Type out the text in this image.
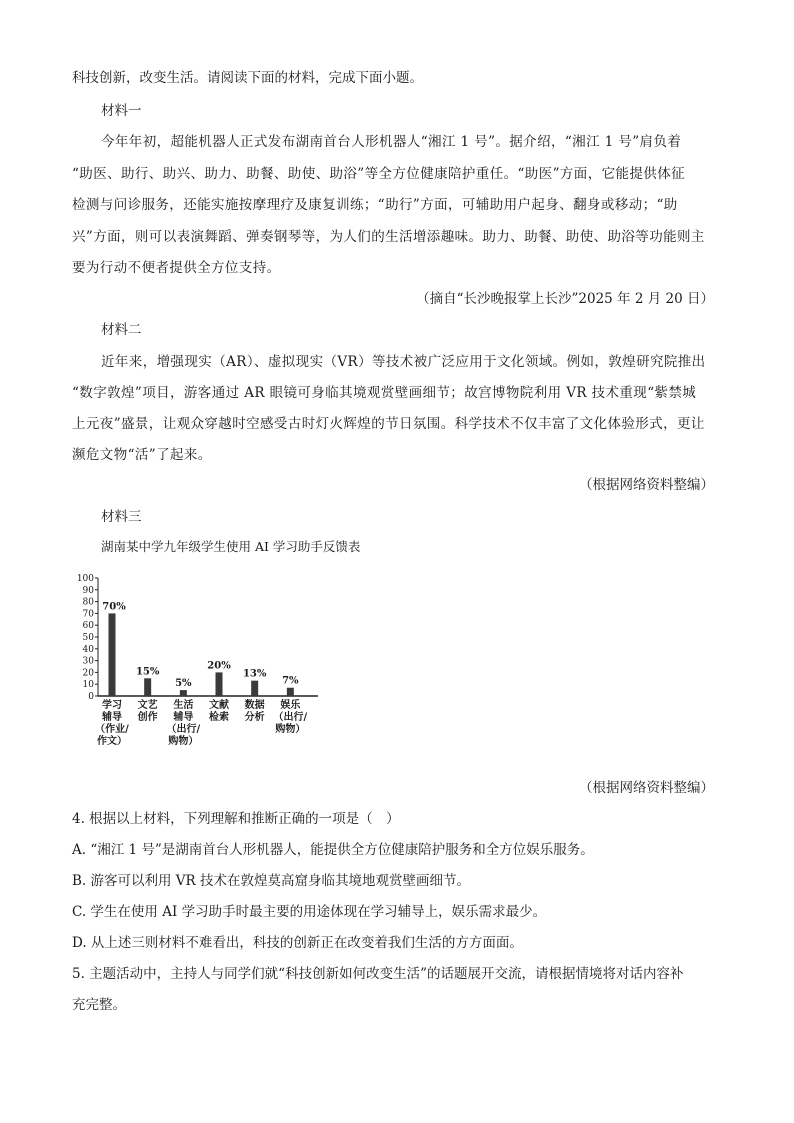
科技创新，改变生活。请阅读下面的材料，完成下面小题。
材料一
今年年初，超能机器人正式发布湖南首台人形机器人“湘江 1 号”。据介绍，“湘江 1 号”肩负着
“助医、助行、助兴、助力、助餐、助使、助浴”等全方位健康陪护重任。“助医”方面，它能提供体征
检测与问诊服务，还能实施按摩理疗及康复训练；“助行”方面，可辅助用户起身、翻身或移动；“助
兴”方面，则可以表演舞蹈、弹奏钢琴等，为人们的生活增添趣味。助力、助餐、助使、助浴等功能则主
要为行动不便者提供全方位支持。
（摘自“长沙晚报掌上长沙”2025 年 2 月 20 日）
材料二
近年来，增强现实（AR）、虚拟现实（VR）等技术被广泛应用于文化领域。例如，敦煌研究院推出
“数字敦煌”项目，游客通过 AR 眼镜可身临其境观赏壁画细节；故宫博物院利用 VR 技术重现“紫禁城
上元夜”盛景，让观众穿越时空感受古时灯火辉煌的节日氛围。科学技术不仅丰富了文化体验形式，更让
濒危文物“活”了起来。
（根据网络资料整编）
材料三
湖南某中学九年级学生使用 AI 学习助手反馈表
0
10
20
30
40
50
60
70
80
90
100
70%
学习
辅导
（作业/
作文）
15%
文艺
创作
5%
生活
辅导
（出行/
购物）
20%
文献
检索
13%
数据
分析
7%
娱乐
（出行/
购物）
（根据网络资料整编）
4. 根据以上材料，下列理解和推断正确的一项是（　）
A. “湘江 1 号”是湖南首台人形机器人，能提供全方位健康陪护服务和全方位娱乐服务。
B. 游客可以利用 VR 技术在敦煌莫高窟身临其境地观赏壁画细节。
C. 学生在使用 AI 学习助手时最主要的用途体现在学习辅导上，娱乐需求最少。
D. 从上述三则材料不难看出，科技的创新正在改变着我们生活的方方面面。
5. 主题活动中，主持人与同学们就“科技创新如何改变生活”的话题展开交流，请根据情境将对话内容补
充完整。
